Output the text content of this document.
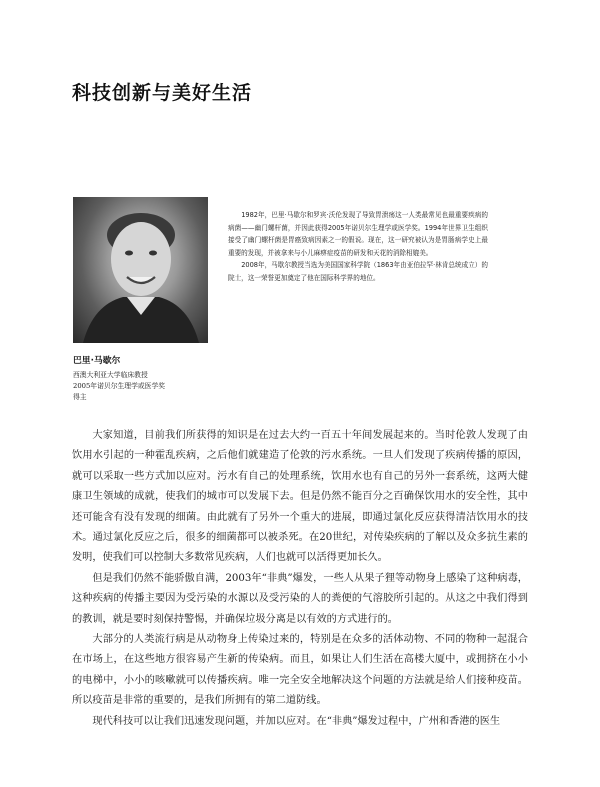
科技创新与美好生活

1982年，巴里·马歇尔和罗宾·沃伦发现了导致胃溃疡这一人类最常见也最重要疾病的病菌——幽门螺杆菌，并因此获得2005年诺贝尔生理学或医学奖。1994年世界卫生组织接受了幽门螺杆菌是胃癌致病因素之一的假说。现在，这一研究被认为是胃肠病学史上最重要的发现，并被拿来与小儿麻痹症疫苗的研发和天花的消除相媲美。

2008年，马歇尔教授当选为美国国家科学院（1863年由亚伯拉罕·林肯总统成立）的院士，这一荣誉更加奠定了他在国际科学界的地位。

巴里·马歇尔
西澳大利亚大学临床教授
2005年诺贝尔生理学或医学奖
得主

大家知道，目前我们所获得的知识是在过去大约一百五十年间发展起来的。当时伦敦人发现了由饮用水引起的一种霍乱疾病，之后他们就建造了伦敦的污水系统。一旦人们发现了疾病传播的原因，就可以采取一些方式加以应对。污水有自己的处理系统，饮用水也有自己的另外一套系统，这两大健康卫生领域的成就，使我们的城市可以发展下去。但是仍然不能百分之百确保饮用水的安全性，其中还可能含有没有发现的细菌。由此就有了另外一个重大的进展，即通过氯化反应获得清洁饮用水的技术。通过氯化反应之后，很多的细菌都可以被杀死。在20世纪，对传染疾病的了解以及众多抗生素的发明，使我们可以控制大多数常见疾病，人们也就可以活得更加长久。

但是我们仍然不能骄傲自满，2003年“非典”爆发，一些人从果子狸等动物身上感染了这种病毒，这种疾病的传播主要因为受污染的水源以及受污染的人的粪便的气溶胶所引起的。从这之中我们得到的教训，就是要时刻保持警惕，并确保垃圾分离是以有效的方式进行的。

大部分的人类流行病是从动物身上传染过来的，特别是在众多的活体动物、不同的物种一起混合在市场上，在这些地方很容易产生新的传染病。而且，如果让人们生活在高楼大厦中，或拥挤在小小的电梯中，小小的咳嗽就可以传播疾病。唯一完全安全地解决这个问题的方法就是给人们接种疫苗。所以疫苗是非常的重要的，是我们所拥有的第二道防线。

现代科技可以让我们迅速发现问题，并加以应对。在“非典”爆发过程中，广州和香港的医生
